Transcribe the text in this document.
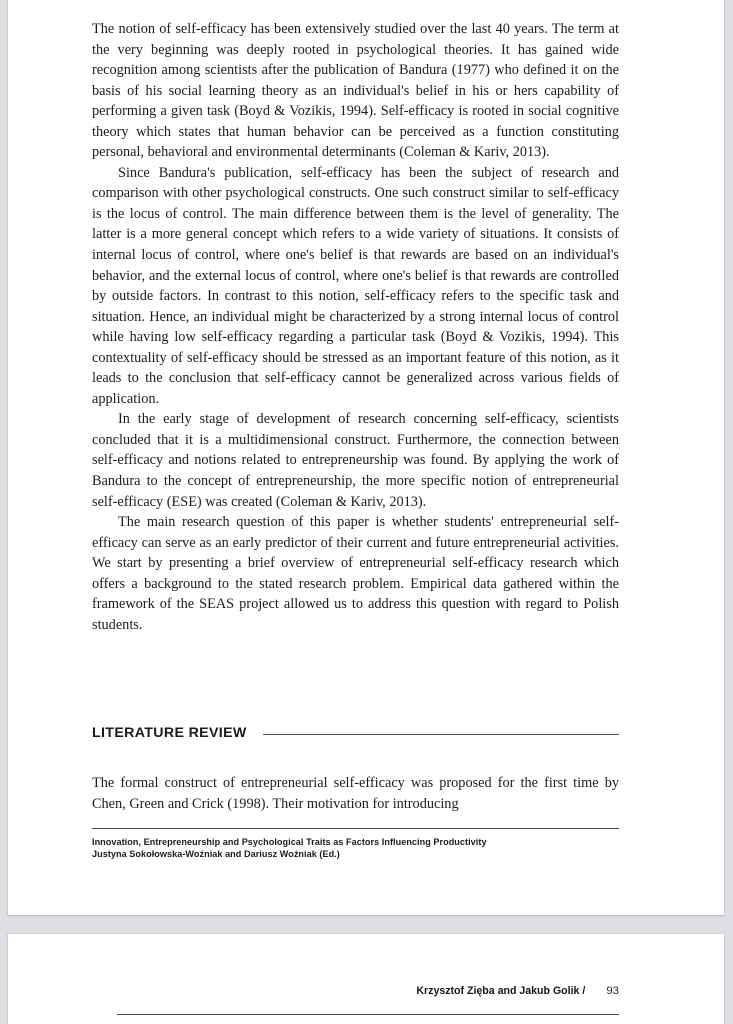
The notion of self-efficacy has been extensively studied over the last 40 years. The term at the very beginning was deeply rooted in psychological theories. It has gained wide recognition among scientists after the publication of Bandura (1977) who defined it on the basis of his social learning theory as an individual's belief in his or hers capability of performing a given task (Boyd & Vozikis, 1994). Self-efficacy is rooted in social cognitive theory which states that human behavior can be perceived as a function constituting personal, behavioral and environmental determinants (Coleman & Kariv, 2013).

Since Bandura's publication, self-efficacy has been the subject of research and comparison with other psychological constructs. One such construct similar to self-efficacy is the locus of control. The main difference between them is the level of generality. The latter is a more general concept which refers to a wide variety of situations. It consists of internal locus of control, where one's belief is that rewards are based on an individual's behavior, and the external locus of control, where one's belief is that rewards are controlled by outside factors. In contrast to this notion, self-efficacy refers to the specific task and situation. Hence, an individual might be characterized by a strong internal locus of control while having low self-efficacy regarding a particular task (Boyd & Vozikis, 1994). This contextuality of self-efficacy should be stressed as an important feature of this notion, as it leads to the conclusion that self-efficacy cannot be generalized across various fields of application.

In the early stage of development of research concerning self-efficacy, scientists concluded that it is a multidimensional construct. Furthermore, the connection between self-efficacy and notions related to entrepreneurship was found. By applying the work of Bandura to the concept of entrepreneurship, the more specific notion of entrepreneurial self-efficacy (ESE) was created (Coleman & Kariv, 2013).

The main research question of this paper is whether students' entrepreneurial self-efficacy can serve as an early predictor of their current and future entrepreneurial activities. We start by presenting a brief overview of entrepreneurial self-efficacy research which offers a background to the stated research problem. Empirical data gathered within the framework of the SEAS project allowed us to address this question with regard to Polish students.

LITERATURE REVIEW

The formal construct of entrepreneurial self-efficacy was proposed for the first time by Chen, Green and Crick (1998). Their motivation for introducing

Innovation, Entrepreneurship and Psychological Traits as Factors Influencing Productivity
Justyna Sokołowska-Woźniak and Dariusz Woźniak (Ed.)
Krzysztof Zięba and Jakub Golik / 93
